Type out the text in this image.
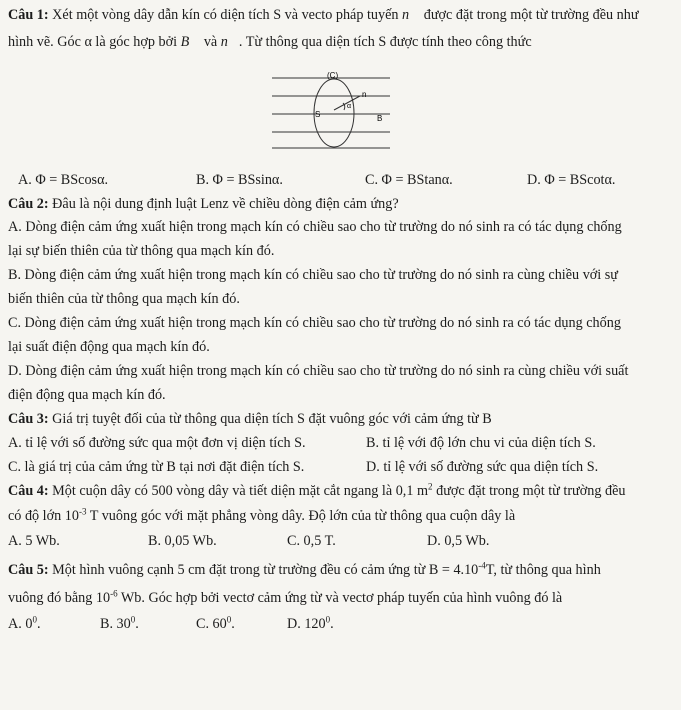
Câu 1: Xét một vòng dây dẫn kín có diện tích S và vecto pháp tuyến n⃗ được đặt trong một từ trường đều như
hình vẽ. Góc α là góc hợp bởi B⃗ và n⃗. Từ thông qua diện tích S được tính theo công thức
(C)
n
α
S	B
A. Φ = BScosα.	B. Φ = BSsinα.	C. Φ = BStanα.	D. Φ = BScotα.
Câu 2: Đâu là nội dung định luật Lenz về chiều dòng điện cảm ứng?
A. Dòng điện cảm ứng xuất hiện trong mạch kín có chiều sao cho từ trường do nó sinh ra có tác dụng chống
lại sự biến thiên của từ thông qua mạch kín đó.
B. Dòng điện cảm ứng xuất hiện trong mạch kín có chiều sao cho từ trường do nó sinh ra cùng chiều với sự
biến thiên của từ thông qua mạch kín đó.
C. Dòng điện cảm ứng xuất hiện trong mạch kín có chiều sao cho từ trường do nó sinh ra có tác dụng chống
lại suất điện động qua mạch kín đó.
D. Dòng điện cảm ứng xuất hiện trong mạch kín có chiều sao cho từ trường do nó sinh ra cùng chiều với suất
điện động qua mạch kín đó.
Câu 3: Giá trị tuyệt đối của từ thông qua diện tích S đặt vuông góc với cảm ứng từ B
A. tỉ lệ với số đường sức qua một đơn vị diện tích S.	B. tỉ lệ với độ lớn chu vi của diện tích S.
C. là giá trị của cảm ứng từ B tại nơi đặt điện tích S.	D. tỉ lệ với số đường sức qua diện tích S.
Câu 4: Một cuộn dây có 500 vòng dây và tiết diện mặt cắt ngang là 0,1 $m^2$ được đặt trong một từ trường đều
có độ lớn $10^{-3}$ T vuông góc với mặt phẳng vòng dây. Độ lớn của từ thông qua cuộn dây là
A. 5 Wb.	B. 0,05 Wb.	C. 0,5 T.	D. 0,5 Wb.
Câu 5: Một hình vuông cạnh 5 cm đặt trong từ trường đều có cảm ứng từ $B = 4.10^{-4}T$, từ thông qua hình
vuông đó bằng $10^{-6}$ Wb. Góc hợp bởi vectơ cảm ứng từ và vectơ pháp tuyến của hình vuông đó là
A. $0^0$.	B. $30^0$.	C. $60^0$.	D. $120^0$.
